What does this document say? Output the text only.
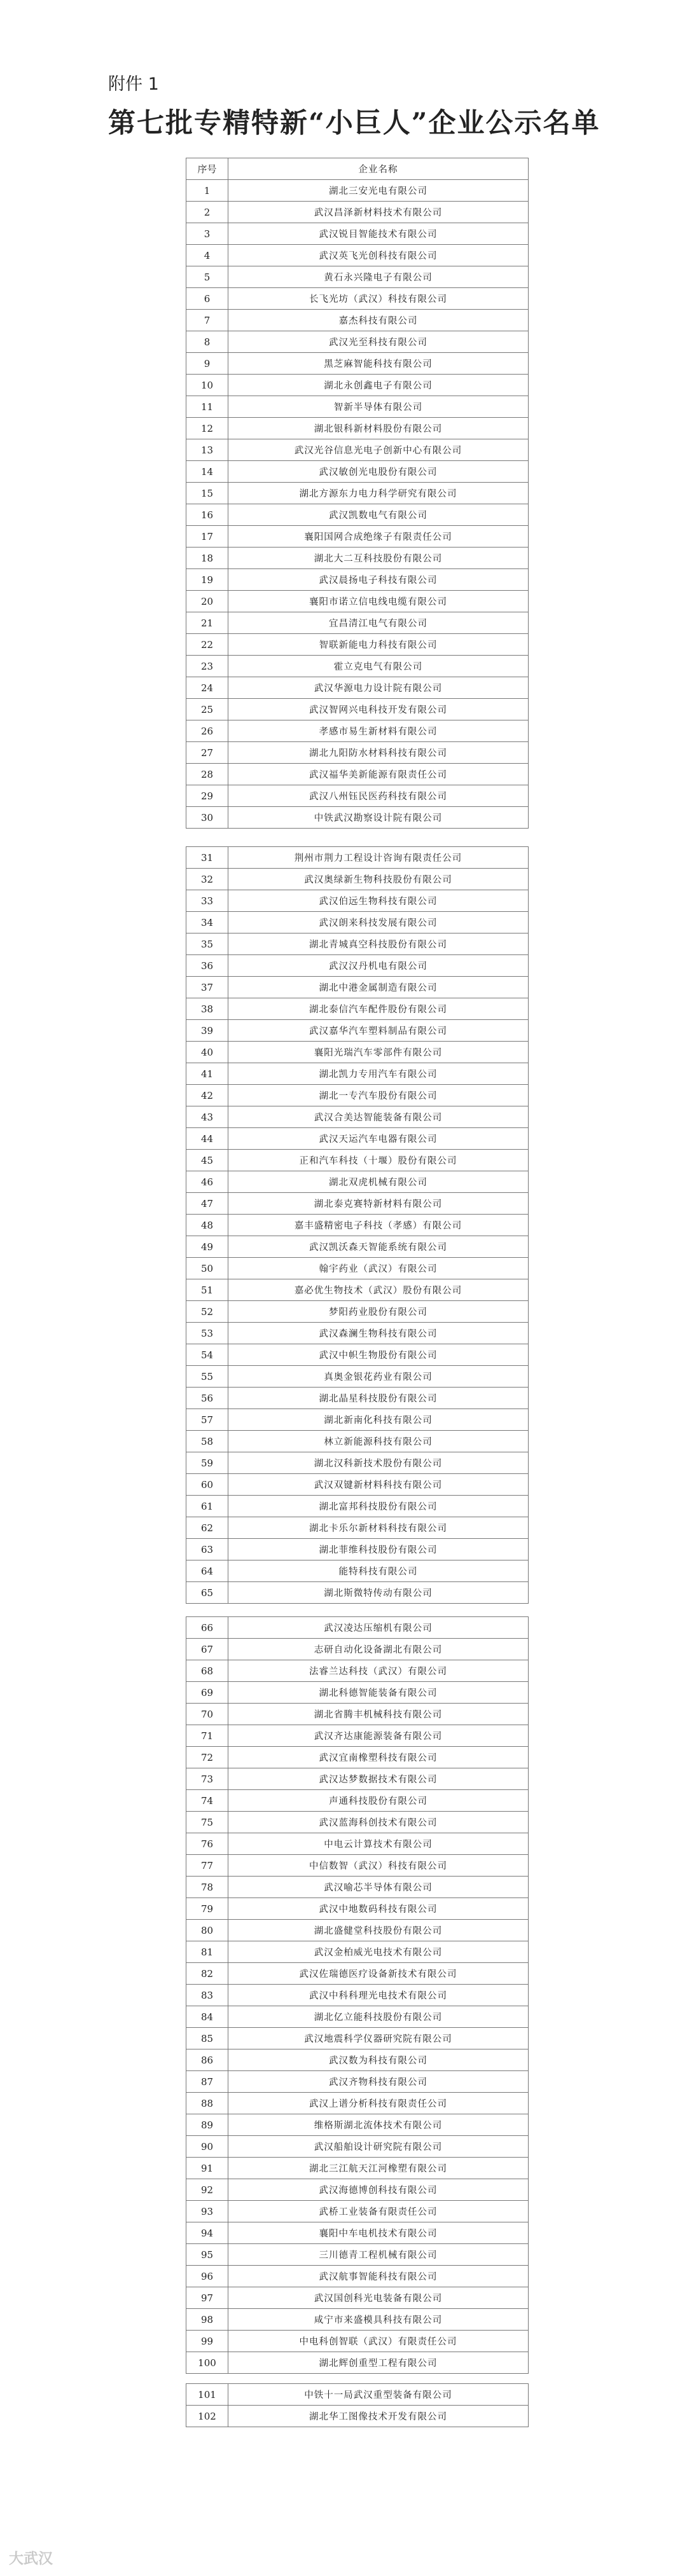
附件 1
第七批专精特新“小巨人”企业公示名单
序号	企业名称
1	湖北三安光电有限公司
2	武汉昌泽新材料技术有限公司
3	武汉锐目智能技术有限公司
4	武汉英飞光创科技有限公司
5	黄石永兴隆电子有限公司
6	长飞光坊（武汉）科技有限公司
7	嘉杰科技有限公司
8	武汉光至科技有限公司
9	黑芝麻智能科技有限公司
10	湖北永创鑫电子有限公司
11	智新半导体有限公司
12	湖北银科新材料股份有限公司
13	武汉光谷信息光电子创新中心有限公司
14	武汉敏创光电股份有限公司
15	湖北方源东力电力科学研究有限公司
16	武汉凯数电气有限公司
17	襄阳国网合成绝缘子有限责任公司
18	湖北大二互科技股份有限公司
19	武汉晨扬电子科技有限公司
20	襄阳市诺立信电线电缆有限公司
21	宜昌清江电气有限公司
22	智联新能电力科技有限公司
23	霍立克电气有限公司
24	武汉华源电力设计院有限公司
25	武汉智网兴电科技开发有限公司
26	孝感市易生新材料有限公司
27	湖北九阳防水材料科技有限公司
28	武汉福华美新能源有限责任公司
29	武汉八州钰民医药科技有限公司
30	中铁武汉勘察设计院有限公司
31	荆州市荆力工程设计咨询有限责任公司
32	武汉奥绿新生物科技股份有限公司
33	武汉伯远生物科技有限公司
34	武汉朗来科技发展有限公司
35	湖北青城真空科技股份有限公司
36	武汉汉丹机电有限公司
37	湖北中港金属制造有限公司
38	湖北泰信汽车配件股份有限公司
39	武汉嘉华汽车塑料制品有限公司
40	襄阳光瑞汽车零部件有限公司
41	湖北凯力专用汽车有限公司
42	湖北一专汽车股份有限公司
43	武汉合美达智能装备有限公司
44	武汉天运汽车电器有限公司
45	正和汽车科技（十堰）股份有限公司
46	湖北双虎机械有限公司
47	湖北泰克赛特新材料有限公司
48	嘉丰盛精密电子科技（孝感）有限公司
49	武汉凯沃森天智能系统有限公司
50	翰宇药业（武汉）有限公司
51	嘉必优生物技术（武汉）股份有限公司
52	梦阳药业股份有限公司
53	武汉森澜生物科技有限公司
54	武汉中帜生物股份有限公司
55	真奥金银花药业有限公司
56	湖北晶星科技股份有限公司
57	湖北新南化科技有限公司
58	林立新能源科技有限公司
59	湖北汉科新技术股份有限公司
60	武汉双键新材料科技有限公司
61	湖北富邦科技股份有限公司
62	湖北卡乐尔新材料科技有限公司
63	湖北菲维科技股份有限公司
64	能特科技有限公司
65	湖北斯微特传动有限公司
66	武汉凌达压缩机有限公司
67	志研自动化设备湖北有限公司
68	法睿兰达科技（武汉）有限公司
69	湖北科德智能装备有限公司
70	湖北省腾丰机械科技有限公司
71	武汉齐达康能源装备有限公司
72	武汉宜南橡塑科技有限公司
73	武汉达梦数据技术有限公司
74	声通科技股份有限公司
75	武汉蓝海科创技术有限公司
76	中电云计算技术有限公司
77	中信数智（武汉）科技有限公司
78	武汉喻芯半导体有限公司
79	武汉中地数码科技有限公司
80	湖北盛健堂科技股份有限公司
81	武汉金柏威光电技术有限公司
82	武汉佐瑞德医疗设备新技术有限公司
83	武汉中科科理光电技术有限公司
84	湖北亿立能科技股份有限公司
85	武汉地震科学仪器研究院有限公司
86	武汉数为科技有限公司
87	武汉齐物科技有限公司
88	武汉上谱分析科技有限责任公司
89	维格斯湖北流体技术有限公司
90	武汉船舶设计研究院有限公司
91	湖北三江航天江河橡塑有限公司
92	武汉海德博创科技有限公司
93	武桥工业装备有限责任公司
94	襄阳中车电机技术有限公司
95	三川德青工程机械有限公司
96	武汉航事智能科技有限公司
97	武汉国创科光电装备有限公司
98	咸宁市来盛模具科技有限公司
99	中电科创智联（武汉）有限责任公司
100	湖北辉创重型工程有限公司
101	中铁十一局武汉重型装备有限公司
102	湖北华工图像技术开发有限公司
大武汉
